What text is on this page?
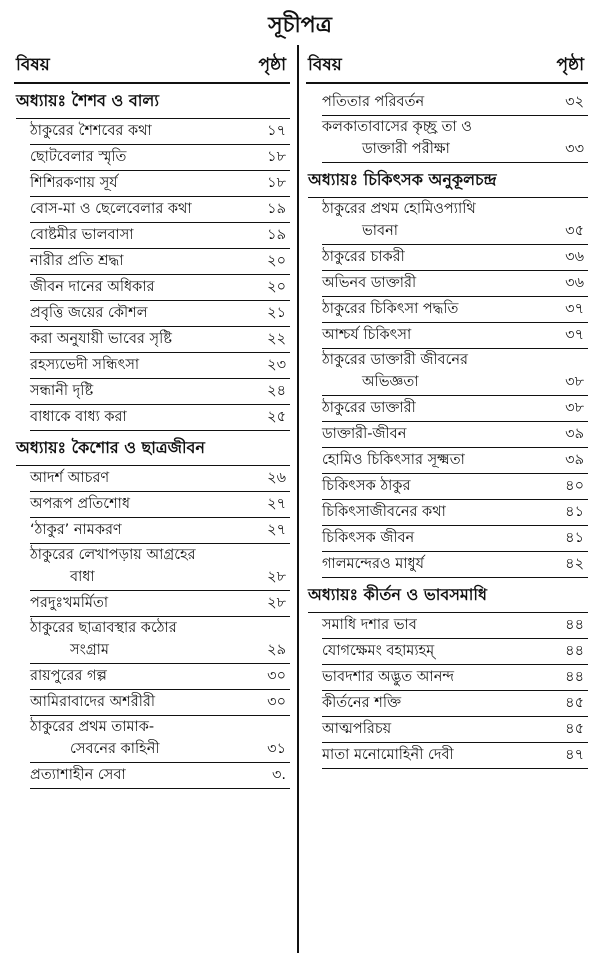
সূচীপত্র
বিষয়	পৃষ্ঠা
অধ্যায়ঃ শৈশব ও বাল্য
ঠাকুরের শৈশবের কথা	১৭
ছোটবেলার স্মৃতি	১৮
শিশিরকণায় সূর্য	১৮
বোস-মা ও ছেলেবেলার কথা	১৯
বোষ্টমীর ভালবাসা	১৯
নারীর প্রতি শ্রদ্ধা	২০
জীবন দানের অধিকার	২০
প্রবৃত্তি জয়ের কৌশল	২১
করা অনুযায়ী ভাবের সৃষ্টি	২২
রহস্যভেদী সন্ধিৎসা	২৩
সন্ধানী দৃষ্টি	২৪
বাধাকে বাধ্য করা	২৫
অধ্যায়ঃ কৈশোর ও ছাত্রজীবন
আদর্শ আচরণ	২৬
অপরূপ প্রতিশোধ	২৭
‘ঠাকুর’ নামকরণ	২৭
ঠাকুরের লেখাপড়ায় আগ্রহের
বাধা	২৮
পরদুঃখমর্মিতা	২৮
ঠাকুরের ছাত্রাবস্থার কঠোর
সংগ্রাম	২৯
রায়পুরের গল্প	৩০
আমিরাবাদের অশরীরী	৩০
ঠাকুরের প্রথম তামাক-
সেবনের কাহিনী	৩১
প্রত্যাশাহীন সেবা	৩.
বিষয়	পৃষ্ঠা
পতিতার পরিবর্তন	৩২
কলকাতাবাসের কৃচ্ছ্র তা ও
ডাক্তারী পরীক্ষা	৩৩
অধ্যায়ঃ চিকিৎসক অনুকূলচন্দ্র
ঠাকুরের প্রথম হোমিওপ্যাথি
ভাবনা	৩৫
ঠাকুরের চাকরী	৩৬
অভিনব ডাক্তারী	৩৬
ঠাকুরের চিকিৎসা পদ্ধতি	৩৭
আশ্চর্য চিকিৎসা	৩৭
ঠাকুরের ডাক্তারী জীবনের
অভিজ্ঞতা	৩৮
ঠাকুরের ডাক্তারী	৩৮
ডাক্তারী-জীবন	৩৯
হোমিও চিকিৎসার সূক্ষ্মতা	৩৯
চিকিৎসক ঠাকুর	৪০
চিকিৎসাজীবনের কথা	৪১
চিকিৎসক জীবন	৪১
গালমন্দেরও মাধুর্য	৪২
অধ্যায়ঃ কীর্তন ও ভাবসমাধি
সমাধি দশার ভাব	৪৪
যোগক্ষেমং বহাম্যহম্	৪৪
ভাবদশার অদ্ভুত আনন্দ	৪৪
কীর্তনের শক্তি	৪৫
আত্মপরিচয়	৪৫
মাতা মনোমোহিনী দেবী	৪৭
